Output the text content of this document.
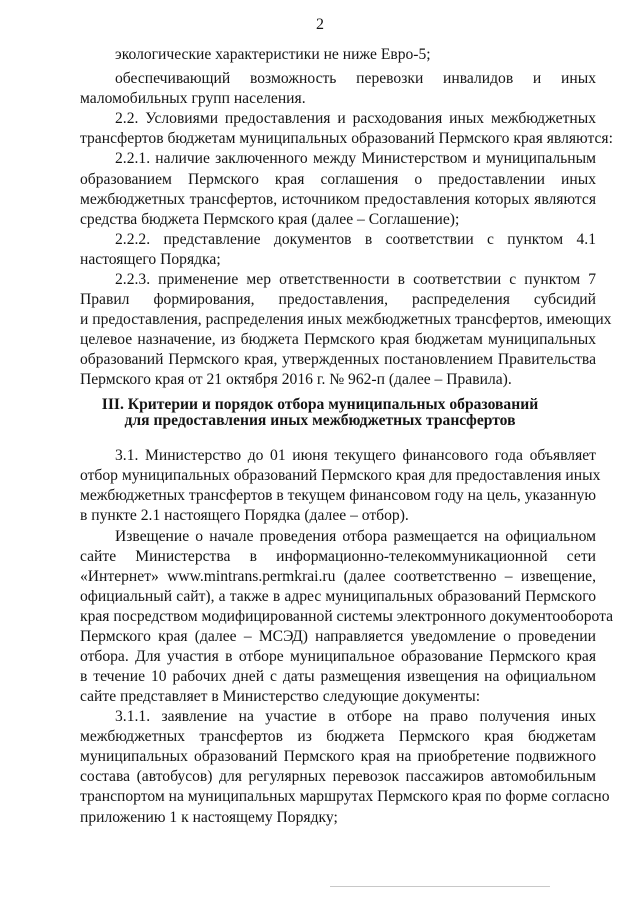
2
экологические характеристики не ниже Евро-5;
обеспечивающий возможность перевозки инвалидов и иных
маломобильных групп населения.
2.2. Условиями предоставления и расходования иных межбюджетных
трансфертов бюджетам муниципальных образований Пермского края являются:
2.2.1. наличие заключенного между Министерством и муниципальным
образованием Пермского края соглашения о предоставлении иных
межбюджетных трансфертов, источником предоставления которых являются
средства бюджета Пермского края (далее – Соглашение);
2.2.2. представление документов в соответствии с пунктом 4.1
настоящего Порядка;
2.2.3. применение мер ответственности в соответствии с пунктом 7
Правил формирования, предоставления, распределения субсидий
и предоставления, распределения иных межбюджетных трансфертов, имеющих
целевое назначение, из бюджета Пермского края бюджетам муниципальных
образований Пермского края, утвержденных постановлением Правительства
Пермского края от 21 октября 2016 г. № 962-п (далее – Правила).
III. Критерии и порядок отбора муниципальных образований
для предоставления иных межбюджетных трансфертов
3.1. Министерство до 01 июня текущего финансового года объявляет
отбор муниципальных образований Пермского края для предоставления иных
межбюджетных трансфертов в текущем финансовом году на цель, указанную
в пункте 2.1 настоящего Порядка (далее – отбор).
Извещение о начале проведения отбора размещается на официальном
сайте Министерства в информационно-телекоммуникационной сети
«Интернет» www.mintrans.permkrai.ru (далее соответственно – извещение,
официальный сайт), а также в адрес муниципальных образований Пермского
края посредством модифицированной системы электронного документооборота
Пермского края (далее – МСЭД) направляется уведомление о проведении
отбора. Для участия в отборе муниципальное образование Пермского края
в течение 10 рабочих дней с даты размещения извещения на официальном
сайте представляет в Министерство следующие документы:
3.1.1. заявление на участие в отборе на право получения иных
межбюджетных трансфертов из бюджета Пермского края бюджетам
муниципальных образований Пермского края на приобретение подвижного
состава (автобусов) для регулярных перевозок пассажиров автомобильным
транспортом на муниципальных маршрутах Пермского края по форме согласно
приложению 1 к настоящему Порядку;
